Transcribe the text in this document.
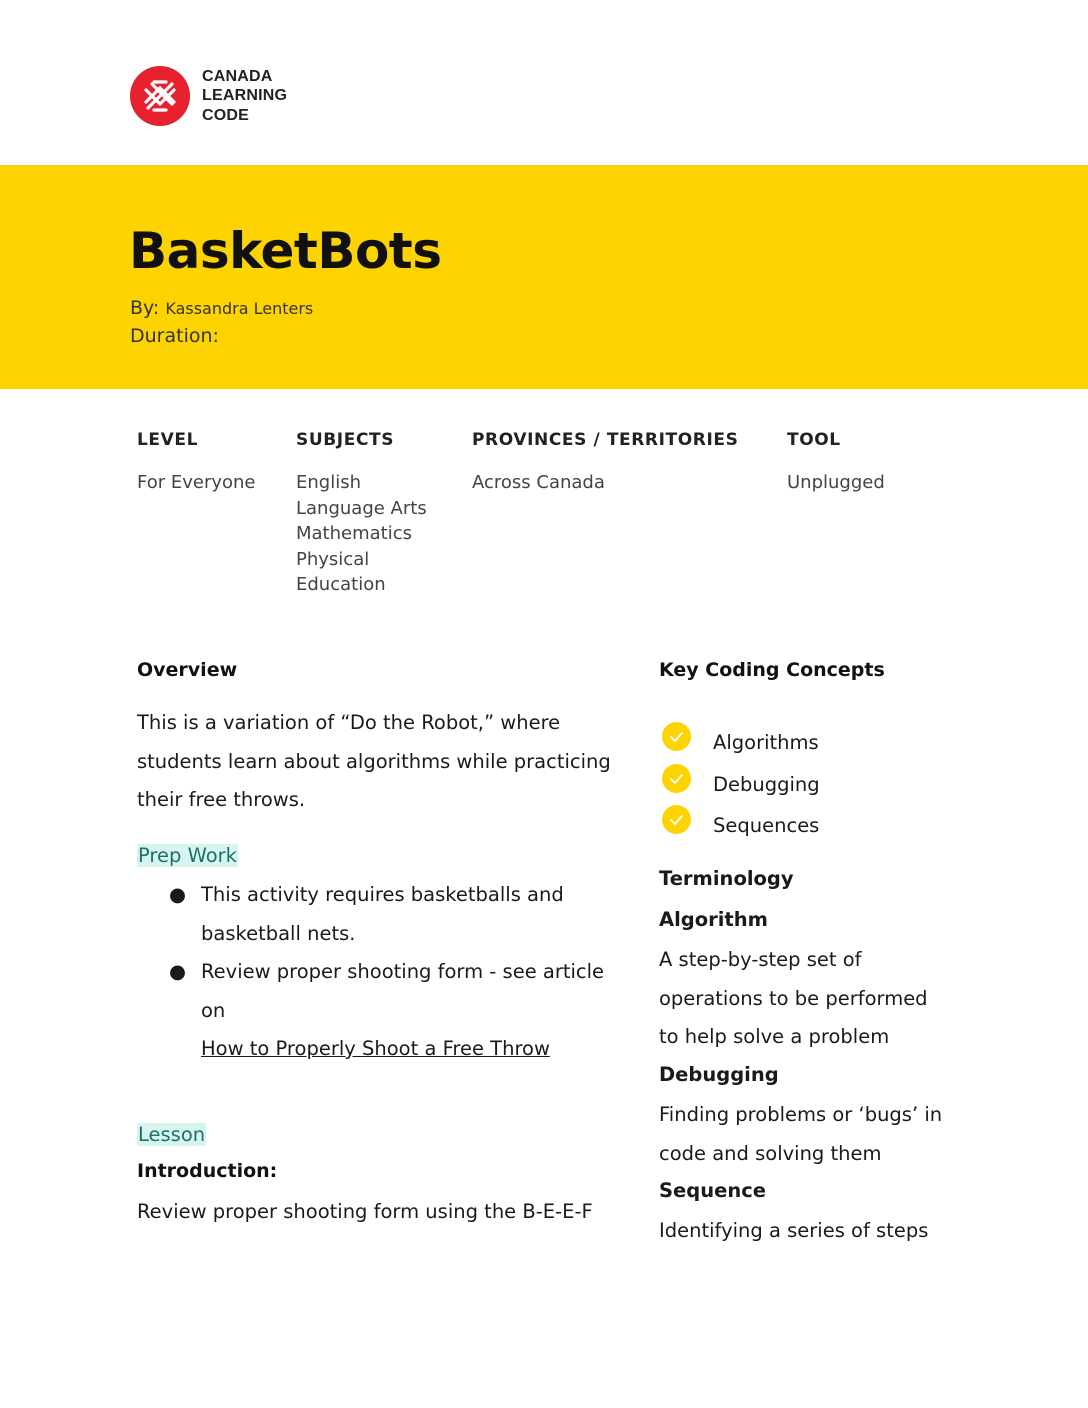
CANADA
LEARNING
CODE
BasketBots
By: Kassandra Lenters
Duration:
LEVEL
For Everyone
SUBJECTS
English
Language Arts
Mathematics
Physical
Education
PROVINCES / TERRITORIES
Across Canada
TOOL
Unplugged
Overview
This is a variation of “Do the Robot,” where
students learn about algorithms while practicing
their free throws.
Prep Work
● This activity requires basketballs and
basketball nets.
● Review proper shooting form - see article
on
How to Properly Shoot a Free Throw
Lesson
Introduction:
Review proper shooting form using the B-E-E-F
Key Coding Concepts
Algorithms
Debugging
Sequences
Terminology
Algorithm
A step-by-step set of
operations to be performed
to help solve a problem
Debugging
Finding problems or ‘bugs’ in
code and solving them
Sequence
Identifying a series of steps
